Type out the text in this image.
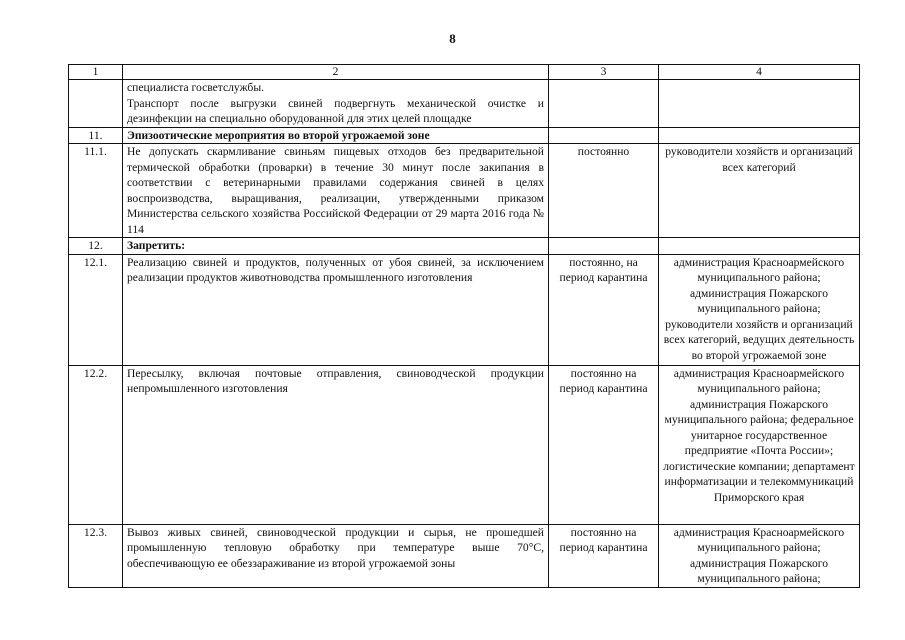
8
1	2	3	4

	специалиста госветслужбы.
Транспорт после выгрузки свиней подвергнуть механической очистке и дезинфекции на специально оборудованной для этих целей площадке		

11.	Эпизоотические мероприятия во второй угрожаемой зоне		
11.1.	Не допускать скармливание свиньям пищевых отходов без предварительной термической обработки (проварки) в течение 30 минут после закипания в соответствии с ветеринарными правилами содержания свиней в целях воспроизводства, выращивания, реализации, утвержденными приказом Министерства сельского хозяйства Российской Федерации от 29 марта 2016 года № 114	постоянно	руководители хозяйств и организаций всех категорий
12.	Запретить:		
12.1.	Реализацию свиней и продуктов, полученных от убоя свиней, за исключением реализации продуктов животноводства промышленного изготовления	постоянно, на период карантина	администрация Красноармейского муниципального района; администрация Пожарского муниципального района; руководители хозяйств и организаций всех категорий, ведущих деятельность во второй угрожаемой зоне
12.2.	Пересылку, включая почтовые отправления, свиноводческой продукции непромышленного изготовления	постоянно на период карантина	администрация Красноармейского муниципального района; администрация Пожарского муниципального района; федеральное унитарное государственное предприятие «Почта России»; логистические компании; департамент информатизации и телекоммуникаций Приморского края
12.3.	Вывоз живых свиней, свиноводческой продукции и сырья, не прошедшей промышленную тепловую обработку при температуре выше 70°С, обеспечивающую ее обеззараживание из второй угрожаемой зоны	постоянно на период карантина	администрация Красноармейского муниципального района; администрация Пожарского муниципального района;
